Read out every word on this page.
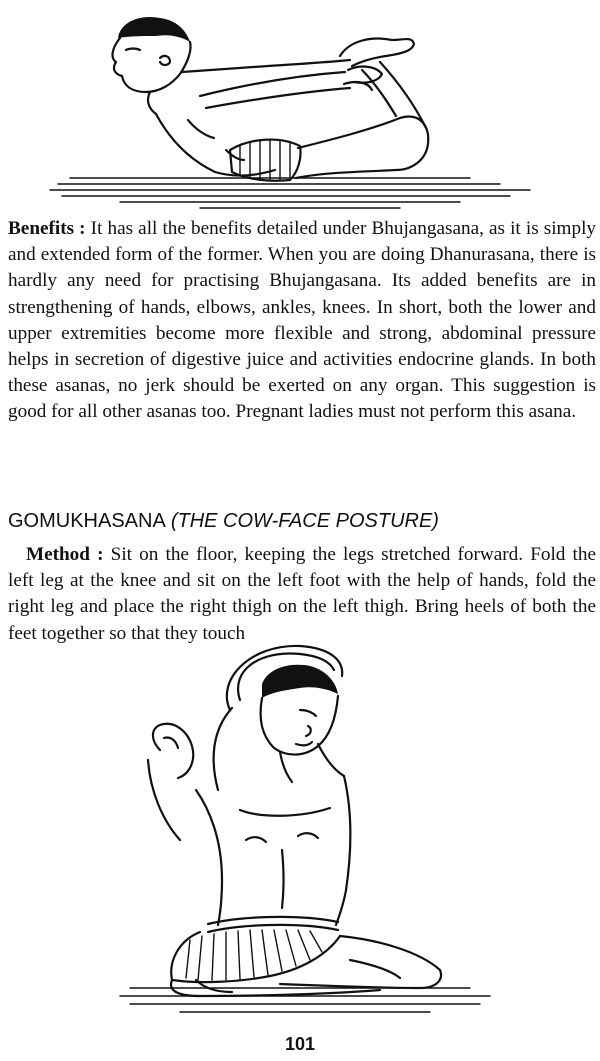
Benefits : It has all the benefits detailed under Bhujangasana, as it is simply and extended form of the former. When you are doing Dhanurasana, there is hardly any need for practising Bhujangasana. Its added benefits are in strengthening of hands, elbows, ankles, knees. In short, both the lower and upper extremities become more flexible and strong, abdominal pressure helps in secretion of digestive juice and activities endocrine glands. In both these asanas, no jerk should be exerted on any organ. This suggestion is good for all other asanas too. Pregnant ladies must not perform this asana.

GOMUKHASANA (THE COW-FACE POSTURE)

Method : Sit on the floor, keeping the legs stretched forward. Fold the left leg at the knee and sit on the left foot with the help of hands, fold the right leg and place the right thigh on the left thigh. Bring heels of both the feet together so that they touch

101
